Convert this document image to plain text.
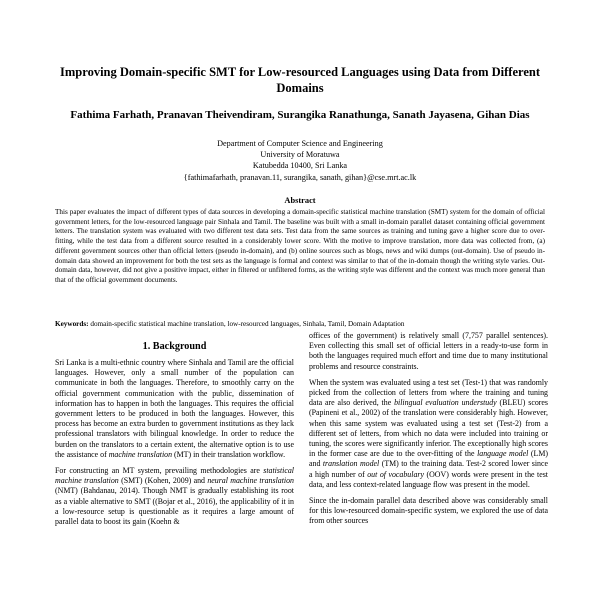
Improving Domain-specific SMT for Low-resourced Languages using Data from Different Domains
Fathima Farhath, Pranavan Theivendiram, Surangika Ranathunga, Sanath Jayasena, Gihan Dias
Department of Computer Science and Engineering
University of Moratuwa
Katubedda 10400, Sri Lanka
{fathimafarhath, pranavan.11, surangika, sanath, gihan}@cse.mrt.ac.lk
Abstract
This paper evaluates the impact of different types of data sources in developing a domain-specific statistical machine translation (SMT) system for the domain of official government letters, for the low-resourced language pair Sinhala and Tamil. The baseline was built with a small in-domain parallel dataset containing official government letters. The translation system was evaluated with two different test data sets. Test data from the same sources as training and tuning gave a higher score due to over-fitting, while the test data from a different source resulted in a considerably lower score. With the motive to improve translation, more data was collected from, (a) different government sources other than official letters (pseudo in-domain), and (b) online sources such as blogs, news and wiki dumps (out-domain). Use of pseudo in-domain data showed an improvement for both the test sets as the language is formal and context was similar to that of the in-domain though the writing style varies. Out-domain data, however, did not give a positive impact, either in filtered or unfiltered forms, as the writing style was different and the context was much more general than that of the official government documents.
Keywords: domain-specific statistical machine translation, low-resourced languages, Sinhala, Tamil, Domain Adaptation
1. Background

Sri Lanka is a multi-ethnic country where Sinhala and Tamil are the official languages. However, only a small number of the population can communicate in both the languages. Therefore, to smoothly carry on the official government communication with the public, dissemination of information has to happen in both the languages. This requires the official government letters to be produced in both the languages. However, this process has become an extra burden to government institutions as they lack professional translators with bilingual knowledge. In order to reduce the burden on the translators to a certain extent, the alternative option is to use the assistance of machine translation (MT) in their translation workflow.

For constructing an MT system, prevailing methodologies are statistical machine translation (SMT) (Kohen, 2009) and neural machine translation (NMT) (Bahdanau, 2014). Though NMT is gradually establishing its root as a viable alternative to SMT ((Bojar et al., 2016), the applicability of it in a low-resource setup is questionable as it requires a large amount of parallel data to boost its gain (Koehn &

offices of the government) is relatively small (7,757 parallel sentences). Even collecting this small set of official letters in a ready-to-use form in both the languages required much effort and time due to many institutional problems and resource constraints.

When the system was evaluated using a test set (Test-1) that was randomly picked from the collection of letters from where the training and tuning data are also derived, the bilingual evaluation understudy (BLEU) scores (Papineni et al., 2002) of the translation were considerably high. However, when this same system was evaluated using a test set (Test-2) from a different set of letters, from which no data were included into training or tuning, the scores were significantly inferior. The exceptionally high scores in the former case are due to the over-fitting of the language model (LM) and translation model (TM) to the training data. Test-2 scored lower since a high number of out of vocabulary (OOV) words were present in the test data, and less context-related language flow was present in the model.

Since the in-domain parallel data described above was considerably small for this low-resourced domain-specific system, we explored the use of data from other sources
